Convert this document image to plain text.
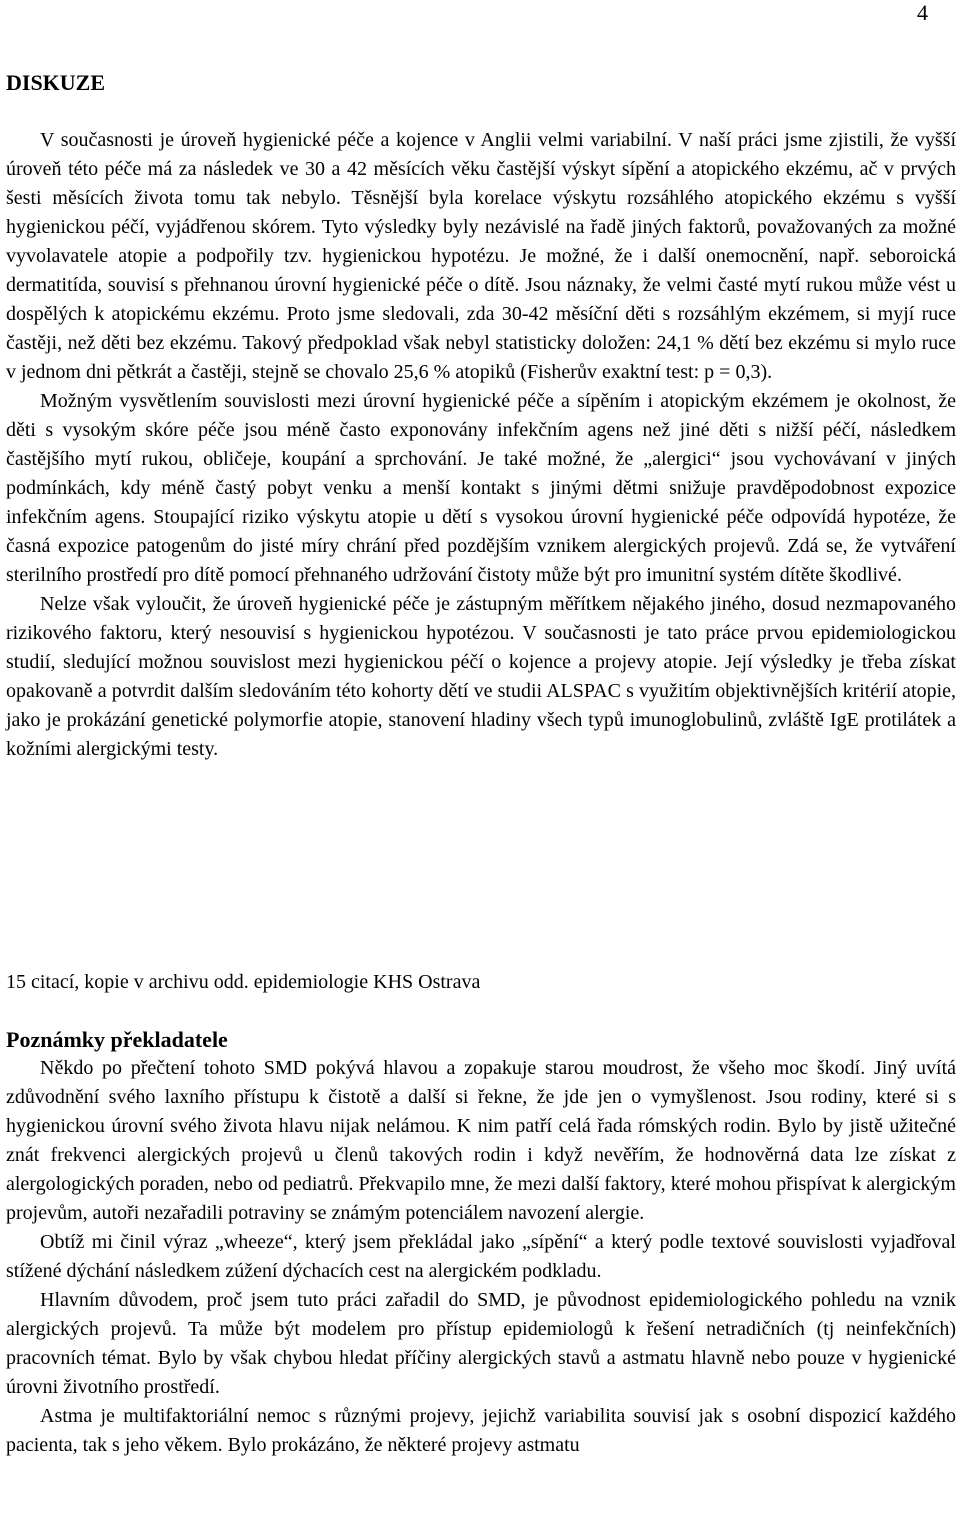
4
DISKUZE

V současnosti je úroveň hygienické péče a kojence v Anglii velmi variabilní. V naší práci jsme zjistili, že vyšší úroveň této péče má za následek ve 30 a 42 měsících věku častější výskyt sípění a atopického ekzému, ač v prvých šesti měsících života tomu tak nebylo. Těsnější byla korelace výskytu rozsáhlého atopického ekzému s vyšší hygienickou péčí, vyjádřenou skórem. Tyto výsledky byly nezávislé na řadě jiných faktorů, považovaných za možné vyvolavatele atopie a podpořily tzv. hygienickou hypotézu. Je možné, že i další onemocnění, např. seboroická dermatitída, souvisí s přehnanou úrovní hygienické péče o dítě. Jsou náznaky, že velmi časté mytí rukou může vést u dospělých k atopickému ekzému. Proto jsme sledovali, zda 30-42 měsíční děti s rozsáhlým ekzémem, si myjí ruce častěji, než děti bez ekzému. Takový předpoklad však nebyl statisticky doložen: 24,1 % dětí bez ekzému si mylo ruce v jednom dni pětkrát a častěji, stejně se chovalo 25,6 % atopiků (Fisherův exaktní test: p = 0,3).

Možným vysvětlením souvislosti mezi úrovní hygienické péče a sípěním i atopickým ekzémem je okolnost, že děti s vysokým skóre péče jsou méně často exponovány infekčním agens než jiné děti s nižší péčí, následkem častějšího mytí rukou, obličeje, koupání a sprchování. Je také možné, že „alergici“ jsou vychovávaní v jiných podmínkách, kdy méně častý pobyt venku a menší kontakt s jinými dětmi snižuje pravděpodobnost expozice infekčním agens. Stoupající riziko výskytu atopie u dětí s vysokou úrovní hygienické péče odpovídá hypotéze, že časná expozice patogenům do jisté míry chrání před pozdějším vznikem alergických projevů. Zdá se, že vytváření sterilního prostředí pro dítě pomocí přehnaného udržování čistoty může být pro imunitní systém dítěte škodlivé.

Nelze však vyloučit, že úroveň hygienické péče je zástupným měřítkem nějakého jiného, dosud nezmapovaného rizikového faktoru, který nesouvisí s hygienickou hypotézou. V současnosti je tato práce prvou epidemiologickou studií, sledující možnou souvislost mezi hygienickou péčí o kojence a projevy atopie. Její výsledky je třeba získat opakovaně a potvrdit dalším sledováním této kohorty dětí ve studii ALSPAC s využitím objektivnějších kritérií atopie, jako je prokázání genetické polymorfie atopie, stanovení hladiny všech typů imunoglobulinů, zvláště IgE protilátek a kožními alergickými testy.

15 citací, kopie v archivu odd. epidemiologie KHS Ostrava

Poznámky překladatele

Někdo po přečtení tohoto SMD pokývá hlavou a zopakuje starou moudrost, že všeho moc škodí. Jiný uvítá zdůvodnění svého laxního přístupu k čistotě a další si řekne, že jde jen o vymyšlenost. Jsou rodiny, které si s hygienickou úrovní svého života hlavu nijak nelámou. K nim patří celá řada rómských rodin. Bylo by jistě užitečné znát frekvenci alergických projevů u členů takových rodin i když nevěřím, že hodnověrná data lze získat z alergologických poraden, nebo od pediatrů. Překvapilo mne, že mezi další faktory, které mohou přispívat k alergickým projevům, autoři nezařadili potraviny se známým potenciálem navození alergie.

Obtíž mi činil výraz „wheeze“, který jsem překládal jako „sípění“ a který podle textové souvislosti vyjadřoval stížené dýchání následkem zúžení dýchacích cest na alergickém podkladu.

Hlavním důvodem, proč jsem tuto práci zařadil do SMD, je původnost epidemiologického pohledu na vznik alergických projevů. Ta může být modelem pro přístup epidemiologů k řešení netradičních (tj neinfekčních) pracovních témat. Bylo by však chybou hledat příčiny alergických stavů a astmatu hlavně nebo pouze v hygienické úrovni životního prostředí.

Astma je multifaktoriální nemoc s různými projevy, jejichž variabilita souvisí jak s osobní dispozicí každého pacienta, tak s jeho věkem. Bylo prokázáno, že některé projevy astmatu
